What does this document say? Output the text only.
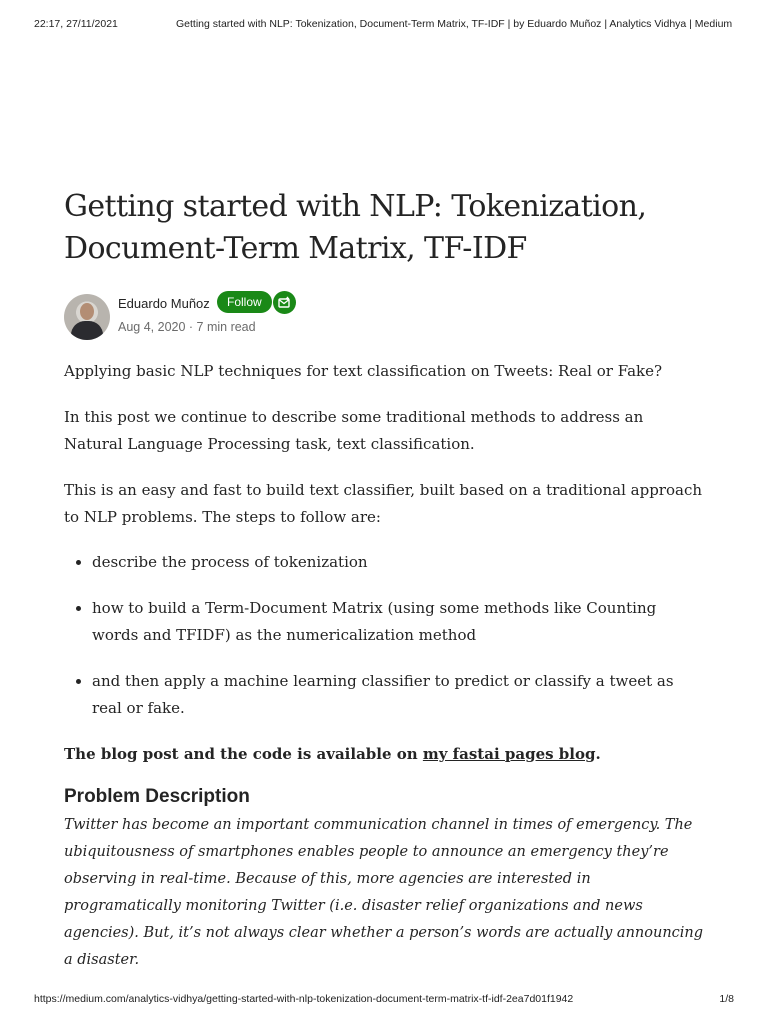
22:17, 27/11/2021	Getting started with NLP: Tokenization, Document-Term Matrix, TF-IDF | by Eduardo Muñoz | Analytics Vidhya | Medium
Getting started with NLP: Tokenization, Document-Term Matrix, TF-IDF
Eduardo Muñoz	Follow
Aug 4, 2020 · 7 min read

Applying basic NLP techniques for text classification on Tweets: Real or Fake?

In this post we continue to describe some traditional methods to address an Natural Language Processing task, text classification.

This is an easy and fast to build text classifier, built based on a traditional approach to NLP problems. The steps to follow are:

• describe the process of tokenization
• how to build a Term-Document Matrix (using some methods like Counting words and TFIDF) as the numericalization method
• and then apply a machine learning classifier to predict or classify a tweet as real or fake.

The blog post and the code is available on my fastai pages blog.

Problem Description

Twitter has become an important communication channel in times of emergency. The ubiquitousness of smartphones enables people to announce an emergency they’re observing in real-time. Because of this, more agencies are interested in programatically monitoring Twitter (i.e. disaster relief organizations and news agencies). But, it’s not always clear whether a person’s words are actually announcing a disaster.

https://medium.com/analytics-vidhya/getting-started-with-nlp-tokenization-document-term-matrix-tf-idf-2ea7d01f1942	1/8
